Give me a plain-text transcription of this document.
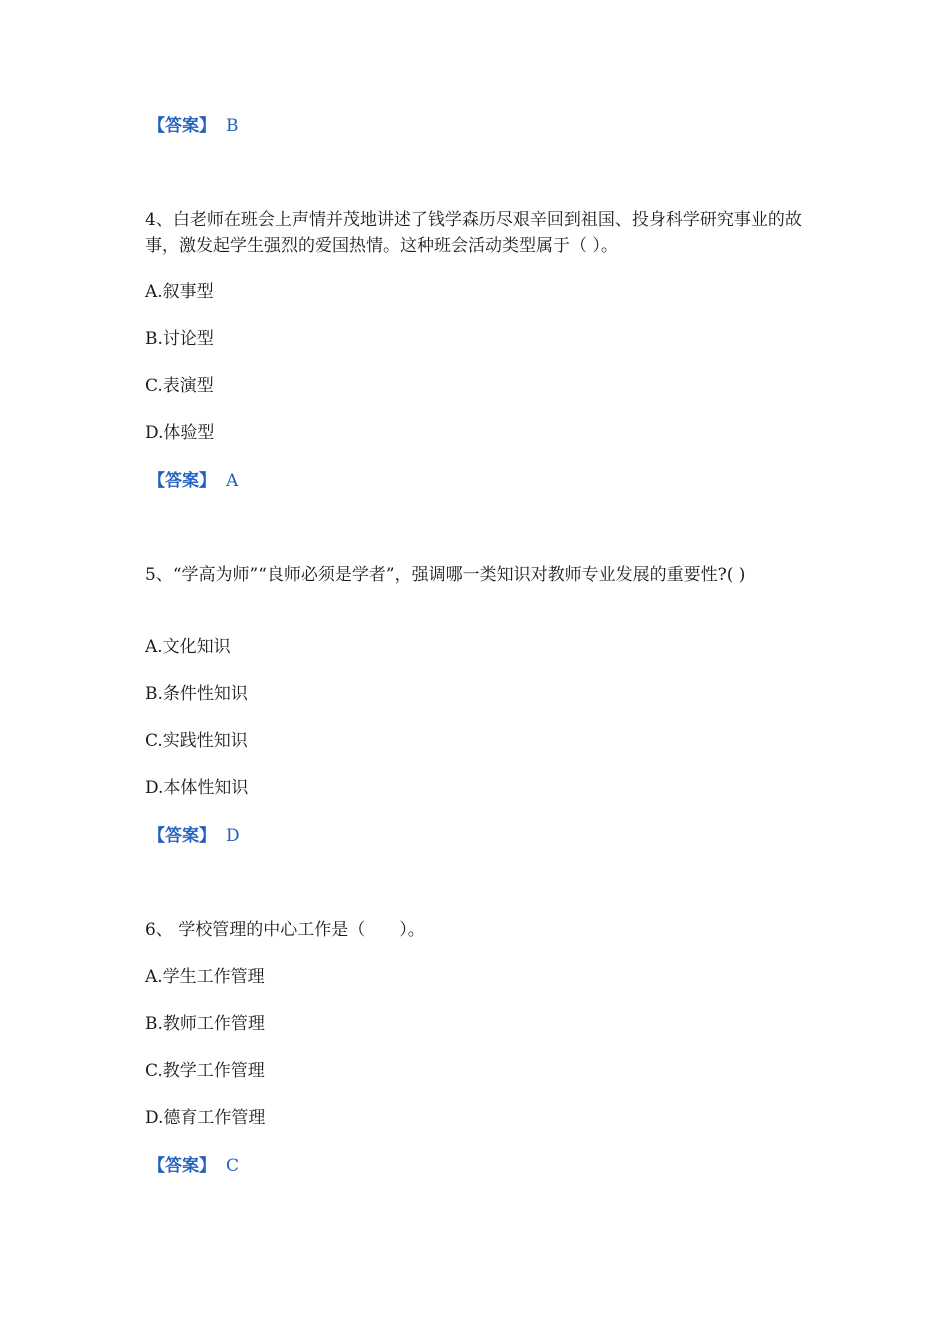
【答案】 B
4、白老师在班会上声情并茂地讲述了钱学森历尽艰辛回到祖国、投身科学研究事业的故事，激发起学生强烈的爱国热情。这种班会活动类型属于（ ）。
A.叙事型
B.讨论型
C.表演型
D.体验型
【答案】 A
5、“学高为师”“良师必须是学者”，强调哪一类知识对教师专业发展的重要性?( )
A.文化知识
B.条件性知识
C.实践性知识
D.本体性知识
【答案】 D
6、 学校管理的中心工作是（　　）。
A.学生工作管理
B.教师工作管理
C.教学工作管理
D.德育工作管理
【答案】 C
